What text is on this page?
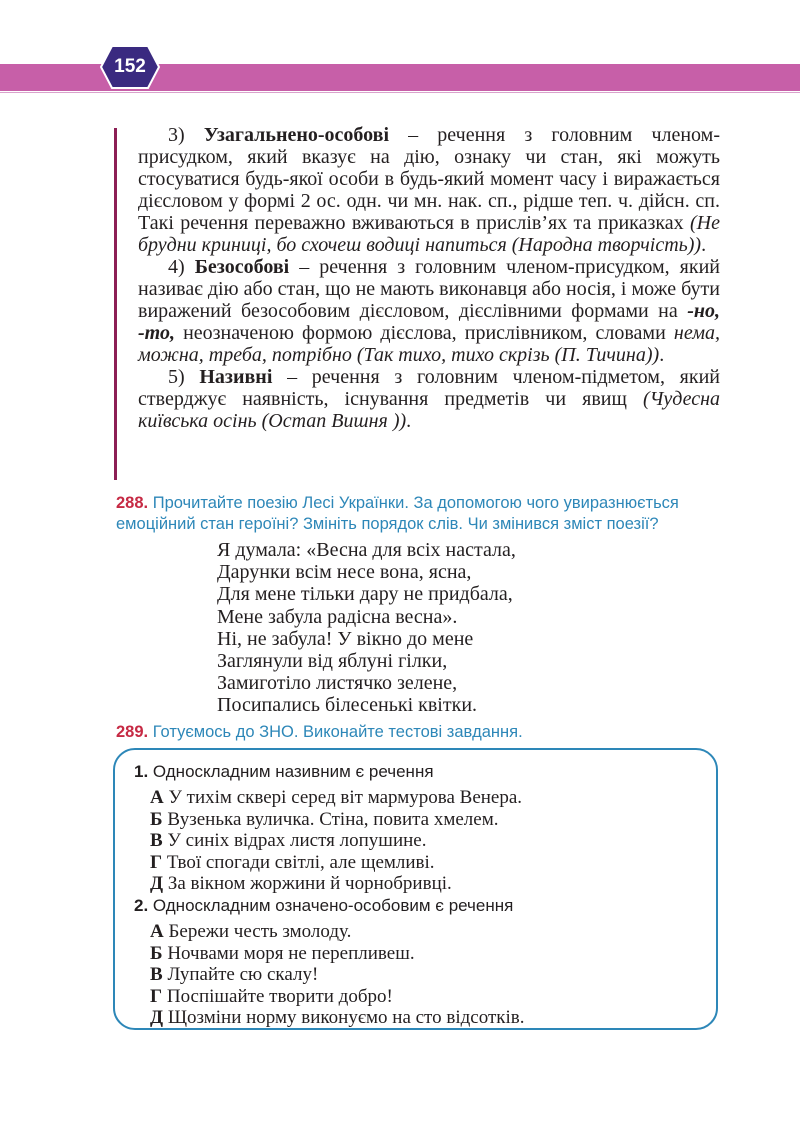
152

3) Узагальнено-особові – речення з головним членом-присудком, який вказує на дію, ознаку чи стан, які можуть стосуватися будь-якої особи в будь-який момент часу і виражається дієсловом у формі 2 ос. одн. чи мн. нак. сп., рідше теп. ч. дійсн. сп. Такі речення переважно вживаються в прислів’ях та приказках (Не брудни криниці, бо схочеш водиці напиться (Народна творчість)).

4) Безособові – речення з головним членом-присудком, який називає дію або стан, що не мають виконавця або носія, і може бути виражений безособовим дієсловом, дієслівними формами на -но, -то, неозначеною формою дієслова, прислівником, словами нема, можна, треба, потрібно (Так тихо, тихо скрізь (П. Тичина)).

5) Називні – речення з головним членом-підметом, який стверджує наявність, існування предметів чи явищ (Чудесна київська осінь (Остап Вишня )).

288. Прочитайте поезію Лесі Українки. За допомогою чого увиразнюється емоційний стан героїні? Змініть порядок слів. Чи змінився зміст поезії?
Я думала: «Весна для всіх настала,
Дарунки всім несе вона, ясна,
Для мене тільки дару не придбала,
Мене забула радісна весна».
Ні, не забула! У вікно до мене
Заглянули від яблуні гілки,
Замиготіло листячко зелене,
Посипались білесенькі квітки.
289. Готуємось до ЗНО. Виконайте тестові завдання.
1. Односкладним називним є речення
А У тихім сквері серед віт мармурова Венера.
Б Вузенька вуличка. Стіна, повита хмелем.
В У синіх відрах листя лопушине.
Г Твої спогади світлі, але щемливі.
Д За вікном жоржини й чорнобривці.
2. Односкладним означено-особовим є речення
А Бережи честь змолоду.
Б Ночвами моря не перепливеш.
В Лупайте сю скалу!
Г Поспішайте творити добро!
Д Щозміни норму виконуємо на сто відсотків.
